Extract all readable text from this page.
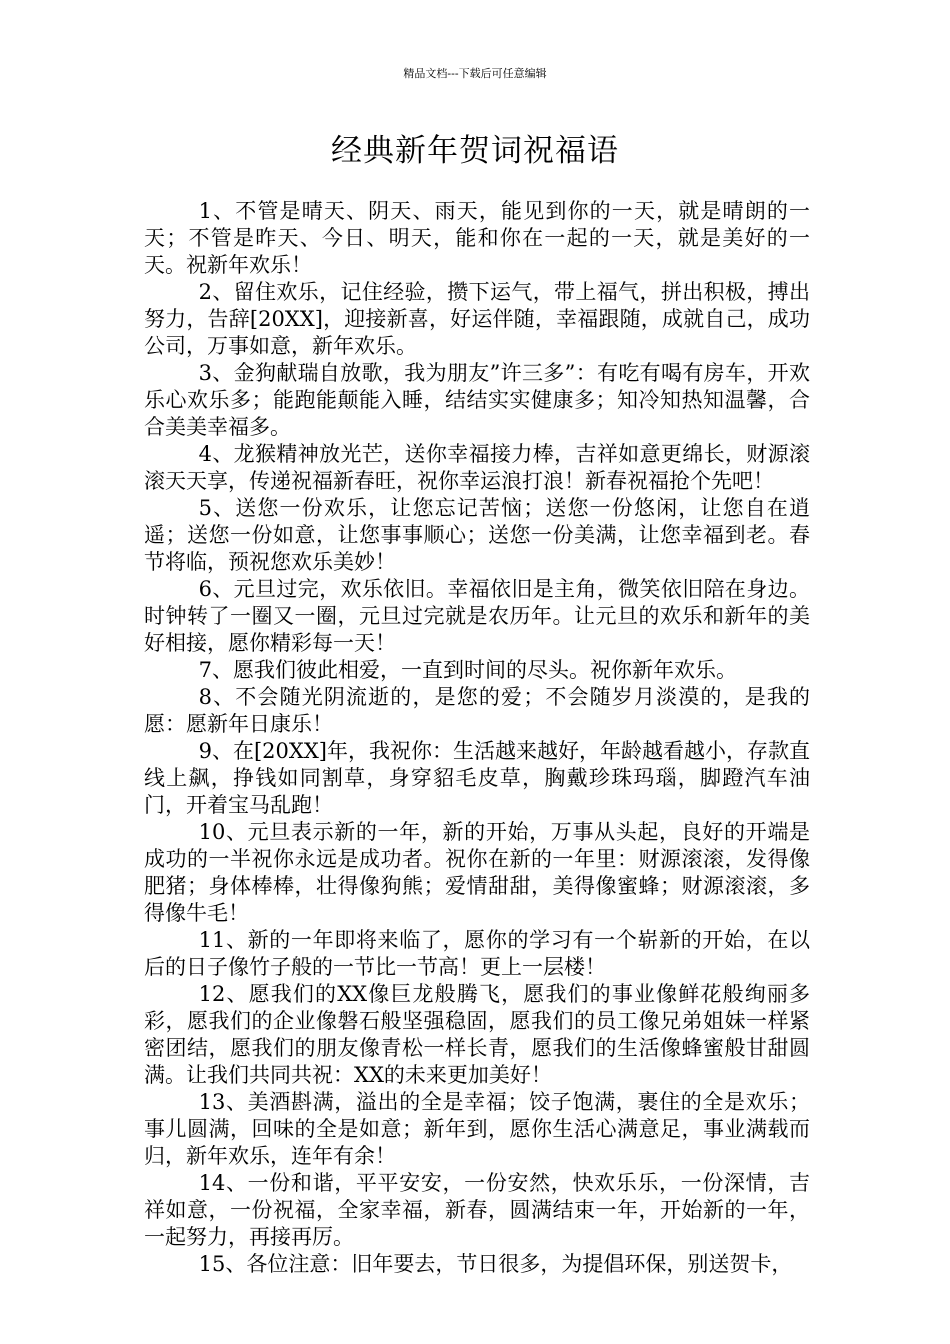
精品文档---下载后可任意编辑
经典新年贺词祝福语

1、不管是晴天、阴天、雨天，能见到你的一天，就是晴朗的一天；不管是昨天、今日、明天，能和你在一起的一天，就是美好的一天。祝新年欢乐！

2、留住欢乐，记住经验，攒下运气，带上福气，拼出积极，搏出努力，告辞[20XX]，迎接新喜，好运伴随，幸福跟随，成就自己，成功公司，万事如意，新年欢乐。

3、金狗献瑞自放歌，我为朋友”许三多”：有吃有喝有房车，开欢乐心欢乐多；能跑能颠能入睡，结结实实健康多；知冷知热知温馨，合合美美幸福多。

4、龙猴精神放光芒，送你幸福接力棒，吉祥如意更绵长，财源滚滚天天享，传递祝福新春旺，祝你幸运浪打浪！新春祝福抢个先吧！

5、送您一份欢乐，让您忘记苦恼；送您一份悠闲，让您自在逍遥；送您一份如意，让您事事顺心；送您一份美满，让您幸福到老。春节将临，预祝您欢乐美妙！

6、元旦过完，欢乐依旧。幸福依旧是主角，微笑依旧陪在身边。时钟转了一圈又一圈，元旦过完就是农历年。让元旦的欢乐和新年的美好相接，愿你精彩每一天！

7、愿我们彼此相爱，一直到时间的尽头。祝你新年欢乐。

8、不会随光阴流逝的，是您的爱；不会随岁月淡漠的，是我的愿：愿新年日康乐！

9、在[20XX]年，我祝你：生活越来越好，年龄越看越小，存款直线上飙，挣钱如同割草，身穿貂毛皮草，胸戴珍珠玛瑙，脚蹬汽车油门，开着宝马乱跑！

10、元旦表示新的一年，新的开始，万事从头起，良好的开端是成功的一半祝你永远是成功者。祝你在新的一年里：财源滚滚，发得像肥猪；身体棒棒，壮得像狗熊；爱情甜甜，美得像蜜蜂；财源滚滚，多得像牛毛！

11、新的一年即将来临了，愿你的学习有一个崭新的开始，在以后的日子像竹子般的一节比一节高！更上一层楼！

12、愿我们的XX像巨龙般腾飞，愿我们的事业像鲜花般绚丽多彩，愿我们的企业像磐石般坚强稳固，愿我们的员工像兄弟姐妹一样紧密团结，愿我们的朋友像青松一样长青，愿我们的生活像蜂蜜般甘甜圆满。让我们共同共祝：XX的未来更加美好！

13、美酒斟满，溢出的全是幸福；饺子饱满，裹住的全是欢乐；事儿圆满，回味的全是如意；新年到，愿你生活心满意足，事业满载而归，新年欢乐，连年有余！

14、一份和谐，平平安安，一份安然，快欢乐乐，一份深情，吉祥如意，一份祝福，全家幸福，新春，圆满结束一年，开始新的一年，一起努力，再接再厉。

15、各位注意：旧年要去，节日很多，为提倡环保，别送贺卡，
